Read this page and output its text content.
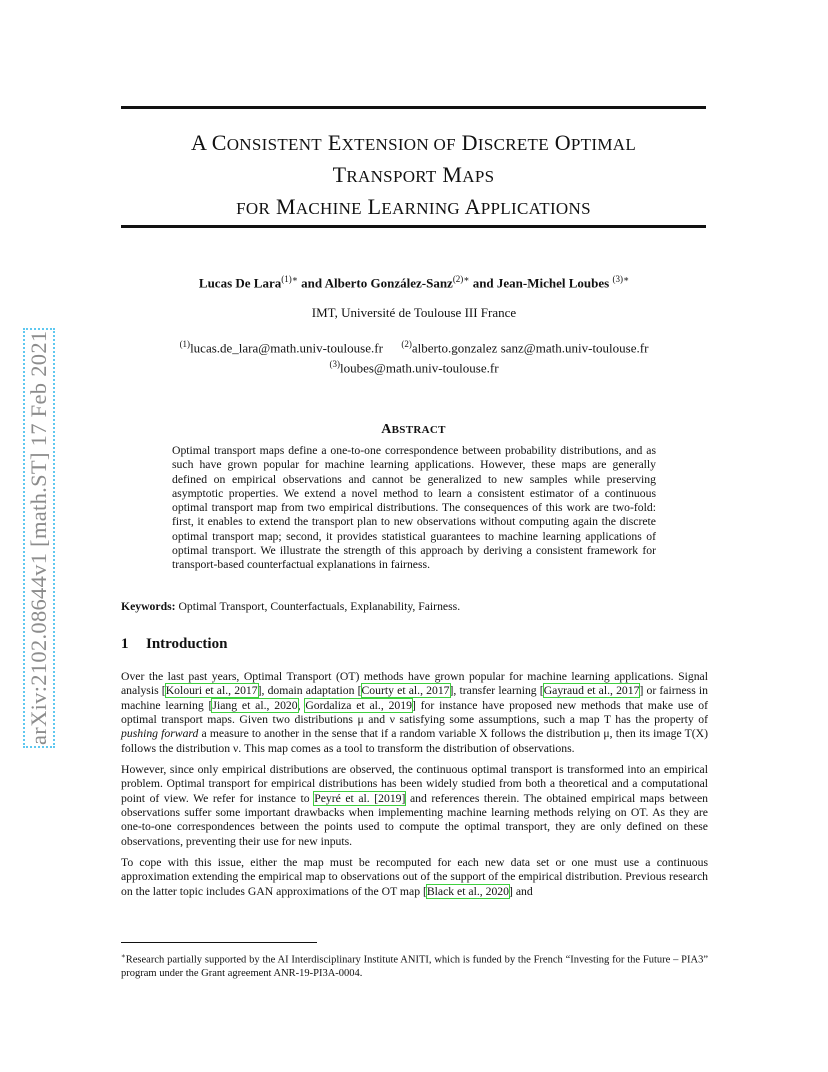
arXiv:2102.08644v1 [math.ST] 17 Feb 2021
A CONSISTENT EXTENSION OF DISCRETE OPTIMAL
TRANSPORT MAPS
FOR MACHINE LEARNING APPLICATIONS
Lucas De Lara$^{(1)∗}$ and Alberto González-Sanz$^{(2)∗}$ and Jean-Michel Loubes $^{(3)∗}$
IMT, Université de Toulouse III France
$^{(1)}$lucas.de_lara@math.univ-toulouse.fr $^{(2)}$alberto.gonzalez sanz@math.univ-toulouse.fr
$^{(3)}$loubes@math.univ-toulouse.fr
ABSTRACT
Optimal transport maps define a one-to-one correspondence between probability distributions, and as such have grown popular for machine learning applications. However, these maps are generally defined on empirical observations and cannot be generalized to new samples while preserving asymptotic properties. We extend a novel method to learn a consistent estimator of a continuous optimal transport map from two empirical distributions. The consequences of this work are two-fold: first, it enables to extend the transport plan to new observations without computing again the discrete optimal transport map; second, it provides statistical guarantees to machine learning applications of optimal transport. We illustrate the strength of this approach by deriving a consistent framework for transport-based counterfactual explanations in fairness.
Keywords: Optimal Transport, Counterfactuals, Explanability, Fairness.
1 Introduction

Over the last past years, Optimal Transport (OT) methods have grown popular for machine learning applications. Signal analysis [Kolouri et al., 2017], domain adaptation [Courty et al., 2017], transfer learning [Gayraud et al., 2017] or fairness in machine learning [Jiang et al., 2020, Gordaliza et al., 2019] for instance have proposed new methods that make use of optimal transport maps. Given two distributions μ and ν satisfying some assumptions, such a map T has the property of pushing forward a measure to another in the sense that if a random variable X follows the distribution μ, then its image T(X) follows the distribution ν. This map comes as a tool to transform the distribution of observations.

However, since only empirical distributions are observed, the continuous optimal transport is transformed into an empirical problem. Optimal transport for empirical distributions has been widely studied from both a theoretical and a computational point of view. We refer for instance to Peyré et al. [2019] and references therein. The obtained empirical maps between observations suffer some important drawbacks when implementing machine learning methods relying on OT. As they are one-to-one correspondences between the points used to compute the optimal transport, they are only defined on these observations, preventing their use for new inputs.

To cope with this issue, either the map must be recomputed for each new data set or one must use a continuous approximation extending the empirical map to observations out of the support of the empirical distribution. Previous research on the latter topic includes GAN approximations of the OT map [Black et al., 2020] and

∗Research partially supported by the AI Interdisciplinary Institute ANITI, which is funded by the French “Investing for the Future – PIA3” program under the Grant agreement ANR-19-PI3A-0004.
